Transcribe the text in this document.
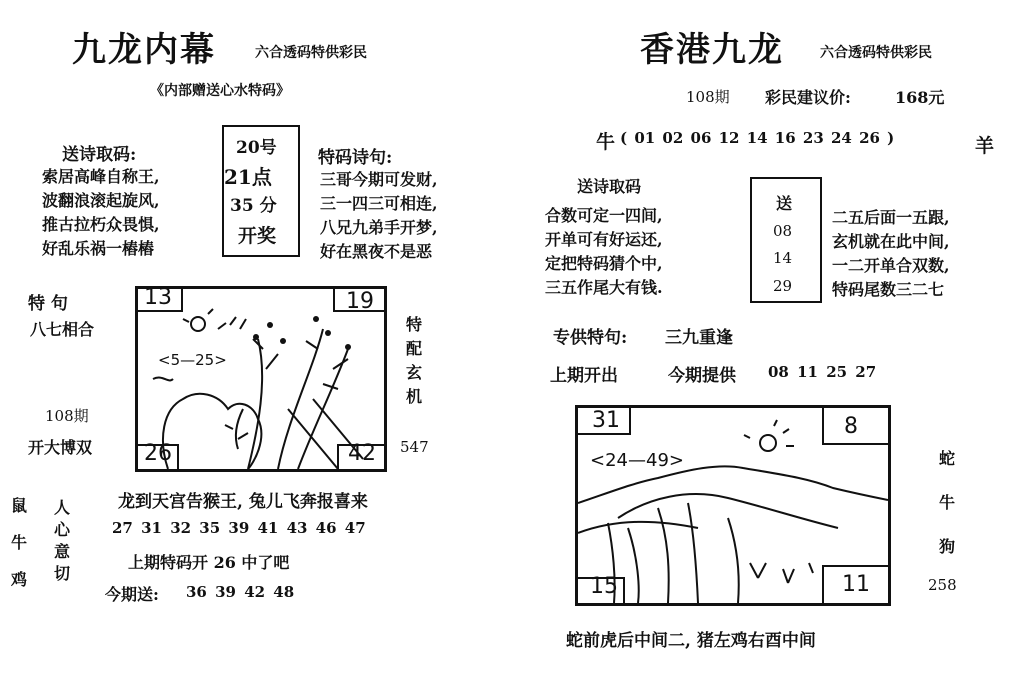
九龙内幕	六合透码特供彩民
《内部赠送心水特码》
送诗取码:
索居高峰自称王,
波翻浪滚起旋风,
推古拉朽众畏惧,
好乱乐祸一樁樁
20号
21点
35 分
开奖
特码诗句:
三哥今期可发财,
三一四三可相连,
八兄九弟手开梦,
好在黑夜不是恶
特 句
八七相合
108期
开大博双
13	19
26	42
<5—25>
特
配
玄
机
547
鼠
牛
鸡
人
心
意
切
龙到天宫告猴王, 兔儿飞奔报喜来
27 31 32 35 39 41 43 46 47
上期特码开 26 中了吧
今期送: 36 39 42 48
香港九龙	六合透码特供彩民
108期 彩民建议价:	168元
牛 ( 01 02 06 12 14 16 23 24 26 )	羊
送诗取码
合数可定一四间,
开单可有好运还,
定把特码猜个中,
三五作尾大有钱.
送
08
14
29
二五后面一五跟,
玄机就在此中间,
一二开单合双数,
特码尾数三二七
专供特句: 三九重逢
上期开出	今期提供 08 11 25 27
31	8
15	11
<24—49>	蛇
牛
狗
258
蛇前虎后中间二, 猪左鸡右酉中间
